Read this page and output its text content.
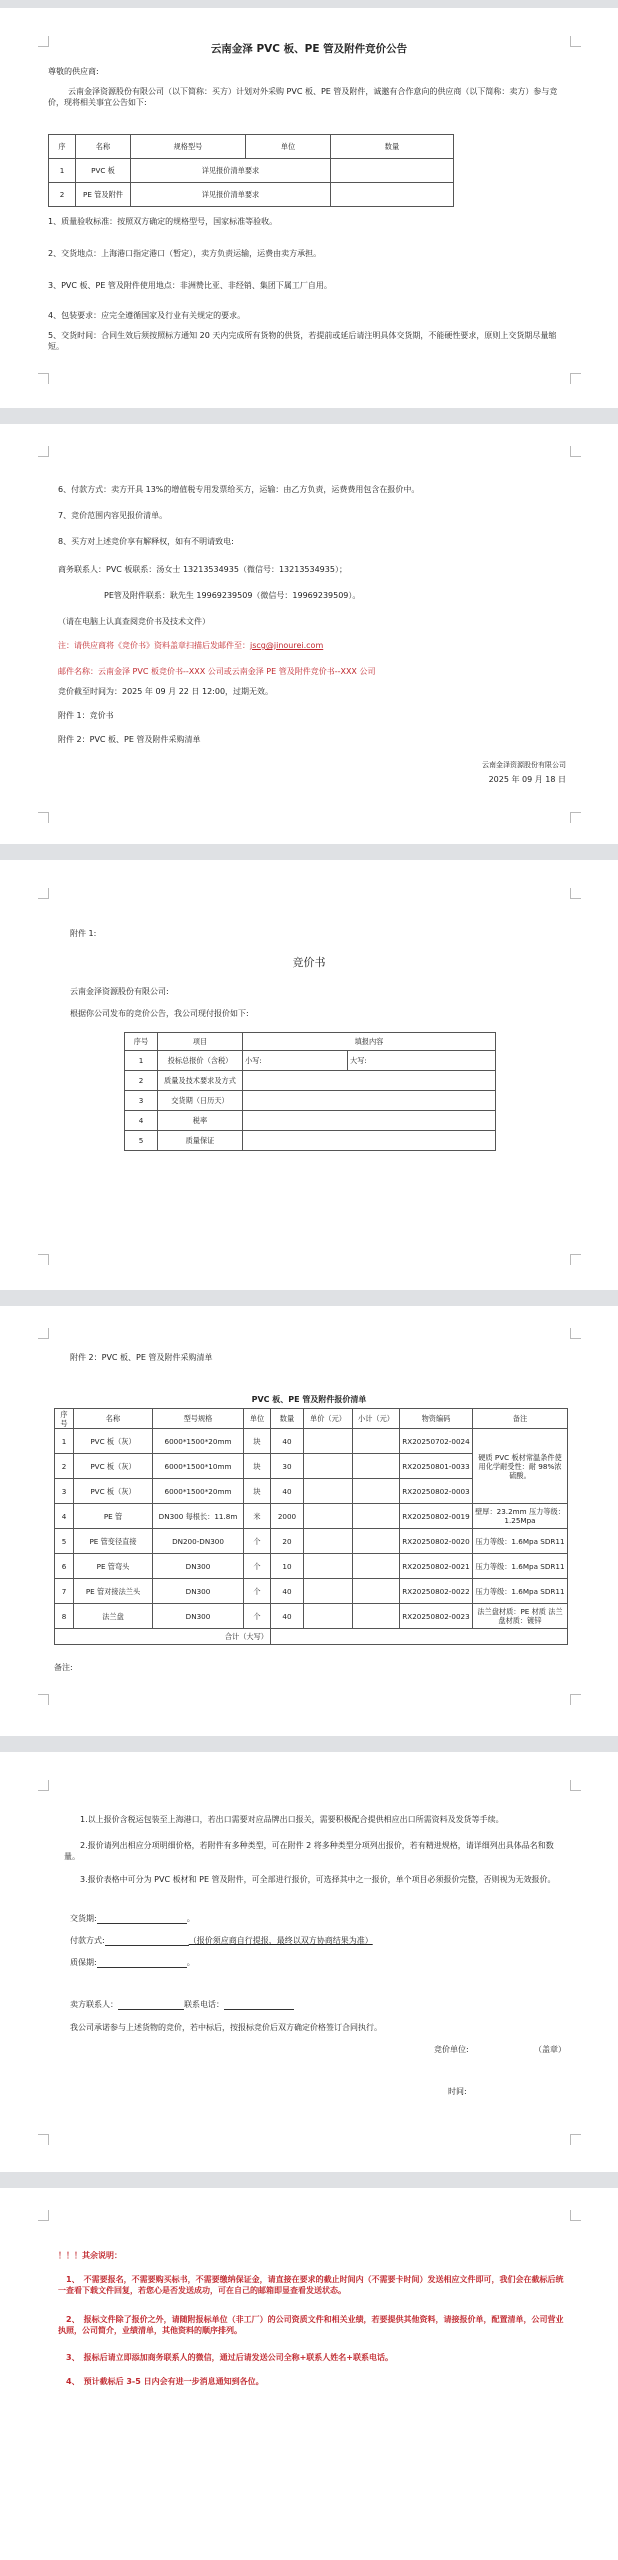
云南金泽 PVC 板、PE 管及附件竞价公告
尊敬的供应商:
云南金泽资源股份有限公司（以下简称：买方）计划对外采购 PVC 板、PE 管及附件，诚邀有合作意向的供应商（以下简称：卖方）参与竞价，现将相关事宜公告如下:
序	名称	规格型号	单位	数量
1	PVC 板	详见报价清单要求		
2	PE 管及附件	详见报价清单要求		
1、质量验收标准：按照双方确定的规格型号，国家标准等验收。
2、交货地点：上海港口指定港口（暂定），卖方负责运输，运费由卖方承担。
3、PVC 板、PE 管及附件使用地点：非洲赞比亚、非经销、集团下属工厂自用。
4、包装要求：应完全遵循国家及行业有关规定的要求。
5、交货时间：合同生效后须按照标方通知 20 天内完成所有货物的供货，若提前或延后请注明具体交货期，不能硬性要求，原则上交货期尽量缩短。
6、付款方式：卖方开具 13%的增值税专用发票给买方，运输：由乙方负责，运费费用包含在报价中。
7、竞价范围内容见报价清单。
8、买方对上述竞价享有解释权，如有不明请致电:
商务联系人：PVC 板联系：汤女士 13213534935（微信号：13213534935）；
PE管及附件联系：耿先生 19969239509（微信号：19969239509）。
（请在电脑上认真查阅竞价书及技术文件）
注：请供应商将《竞价书》资料盖章扫描后发邮件至：jscg@jinourei.com
邮件名称：云南金泽 PVC 板竞价书--XXX 公司或云南金泽 PE 管及附件竞价书--XXX 公司
竞价截至时间为：2025 年 09 月 22 日 12:00，过期无效。
附件 1：竞价书
附件 2：PVC 板、PE 管及附件采购清单
云南金泽资源股份有限公司
2025 年 09 月 18 日
附件 1:
竞价书
云南金泽资源股份有限公司:
根据你公司发布的竞价公告，我公司现付报价如下:
序号	项目	填报内容	
1	投标总报价（含税）	小写:	大写:
2	质量及技术要求及方式		
3	交货期（日历天）		
4	税率		
5	质量保证		
附件 2：PVC 板、PE 管及附件采购清单
PVC 板、PE 管及附件报价清单
序号	名称	型号规格	单位	数量	单价（元）	小计（元）	物资编码	备注
1	PVC 板（灰）	6000*1500*20mm	块	40			RX20250702-0024	硬质 PVC 板材常温条件使用化学耐受性：耐 98%浓硫酸。
2	PVC 板（灰）	6000*1500*10mm	块	30			RX20250801-0033	
3	PVC 板（灰）	6000*1500*20mm	块	40			RX20250802-0003	
4	PE 管	DN300 每根长：11.8m	米	2000			RX20250802-0019	壁厚：23.2mm 压力等级：1.25Mpa
5	PE 管变径直接	DN200-DN300	个	20			RX20250802-0020	压力等级：1.6Mpa SDR11
6	PE 管弯头	DN300	个	10			RX20250802-0021	压力等级：1.6Mpa SDR11
7	PE 管对接法兰头	DN300	个	40			RX20250802-0022	压力等级：1.6Mpa SDR11
8	法兰盘	DN300	个	40			RX20250802-0023	法兰盘材质：PE 材质 法兰盘材质：镀锌
合计（大写）								
备注:
1.以上报价含税运包装至上海港口，若出口需要对应品牌出口报关，需要积极配合提供相应出口所需资料及发货等手续。
2.报价请列出相应分项明细价格，若附件有多种类型，可在附件 2 将多种类型分项列出报价，若有精进规格，请详细列出具体品名和数量。
3.报价表格中可分为 PVC 板材和 PE 管及附件，可全部进行报价，可选择其中之一报价，单个项目必须报价完整，否则视为无效报价。
交货期:	。
付款方式:	（报价须应商自行提报，最终以双方协商结果为准）
质保期:	。
卖方联系人：	联系电话：
我公司承诺参与上述货物的竞价，若中标后，按报标竞价后双方确定价格签订合同执行。
竞价单位:	（盖章）
时间:
！！！其余说明：
1、　不需要报名，不需要购买标书，不需要缴纳保证金，请直接在要求的截止时间内（不需要卡时间）发送相应文件即可，我们会在截标后统一查看下载文件回复，若您心是否发送成功，可在自己的邮箱即显查看发送状态。
2、　报标文件除了报价之外，请随附报标单位（非工厂）的公司资质文件和相关业绩，若要提供其他资料，请接报价单，配置清单，公司营业执照，公司简介，业绩清单，其他资料的顺序排列。
3、　报标后请立即添加商务联系人的微信，通过后请发送公司全称+联系人姓名+联系电话。
4、　预计截标后 3-5 日内会有进一步消息通知到各位。
